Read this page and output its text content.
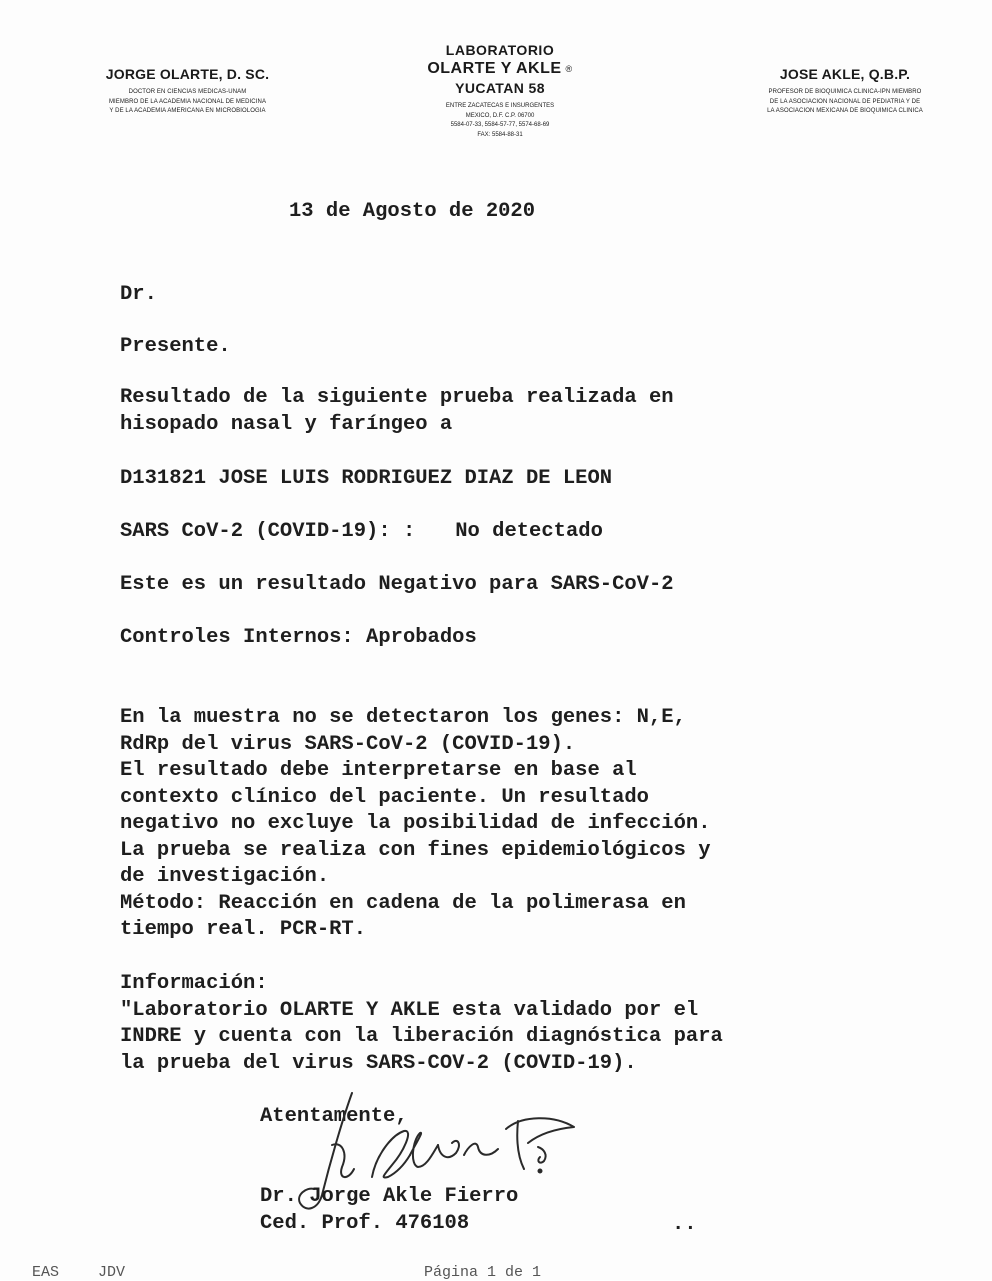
JORGE OLARTE, D. SC.
DOCTOR EN CIENCIAS MEDICAS-UNAM
MIEMBRO DE LA ACADEMIA NACIONAL DE MEDICINA
Y DE LA ACADEMIA AMERICANA EN MICROBIOLOGIA
LABORATORIO
OLARTE Y AKLE ®
YUCATAN 58
ENTRE ZACATECAS E INSURGENTES
MEXICO, D.F. C.P. 06700
5584-07-33, 5584-57-77, 5574-68-69
FAX: 5584-88-31
JOSE AKLE, Q.B.P.
PROFESOR DE BIOQUIMICA CLINICA-IPN MIEMBRO
DE LA ASOCIACION NACIONAL DE PEDIATRIA Y DE
LA ASOCIACION MEXICANA DE BIOQUIMICA CLINICA
13 de Agosto de 2020
Dr.
Presente.
Resultado de la siguiente prueba realizada en
hisopado nasal y faríngeo a
D131821 JOSE LUIS RODRIGUEZ DIAZ DE LEON
SARS CoV-2 (COVID-19): : No detectado
Este es un resultado Negativo para SARS-CoV-2
Controles Internos: Aprobados
En la muestra no se detectaron los genes: N,E,
RdRp del virus SARS-CoV-2 (COVID-19).
El resultado debe interpretarse en base al
contexto clínico del paciente. Un resultado
negativo no excluye la posibilidad de infección.
La prueba se realiza con fines epidemiológicos y
de investigación.
Método: Reacción en cadena de la polimerasa en
tiempo real. PCR-RT.
Información:
"Laboratorio OLARTE Y AKLE esta validado por el
INDRE y cuenta con la liberación diagnóstica para
la prueba del virus SARS-COV-2 (COVID-19).
Atentamente,
Dr. Jorge Akle Fierro
Ced. Prof. 476108	..
EAS	JDV	Página 1 de 1
